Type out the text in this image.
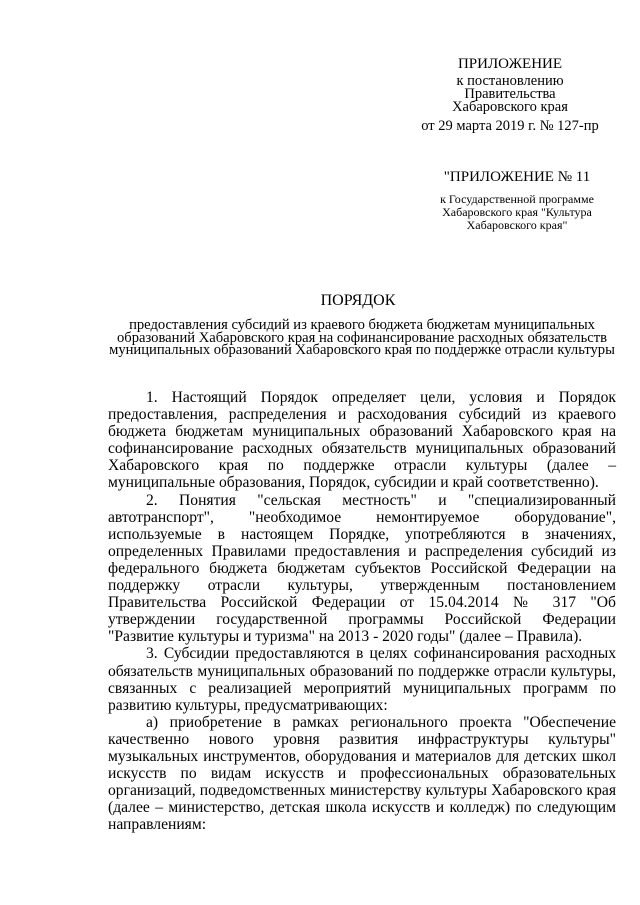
ПРИЛОЖЕНИЕ
к постановлению
Правительства
Хабаровского края
от 29 марта 2019 г. № 127-пр
"ПРИЛОЖЕНИЕ № 11
к Государственной программе
Хабаровского края "Культура
Хабаровского края"
ПОРЯДОК
предоставления субсидий из краевого бюджета бюджетам муниципальных образований Хабаровского края на софинансирование расходных обязательств муниципальных образований Хабаровского края по поддержке отрасли культуры

1. Настоящий Порядок определяет цели, условия и Порядок предоставления, распределения и расходования субсидий из краевого бюджета бюджетам муниципальных образований Хабаровского края на софинансирование расходных обязательств муниципальных образований Хабаровского края по поддержке отрасли культуры (далее – муниципальные образования, Порядок, субсидии и край соответственно).

2. Понятия "сельская местность" и "специализированный автотранспорт", "необходимое немонтируемое оборудование", используемые в настоящем Порядке, употребляются в значениях, определенных Правилами предоставления и распределения субсидий из федерального бюджета бюджетам субъектов Российской Федерации на поддержку отрасли культуры, утвержденным постановлением Правительства Российской Федерации от 15.04.2014 № 317 "Об утверждении государственной программы Российской Федерации "Развитие культуры и туризма" на 2013 - 2020 годы" (далее – Правила).

3. Субсидии предоставляются в целях софинансирования расходных обязательств муниципальных образований по поддержке отрасли культуры, связанных с реализацией мероприятий муниципальных программ по развитию культуры, предусматривающих:

а) приобретение в рамках регионального проекта "Обеспечение качественно нового уровня развития инфраструктуры культуры" музыкальных инструментов, оборудования и материалов для детских школ искусств по видам искусств и профессиональных образовательных организаций, подведомственных министерству культуры Хабаровского края (далее – министерство, детская школа искусств и колледж) по следующим направлениям:
